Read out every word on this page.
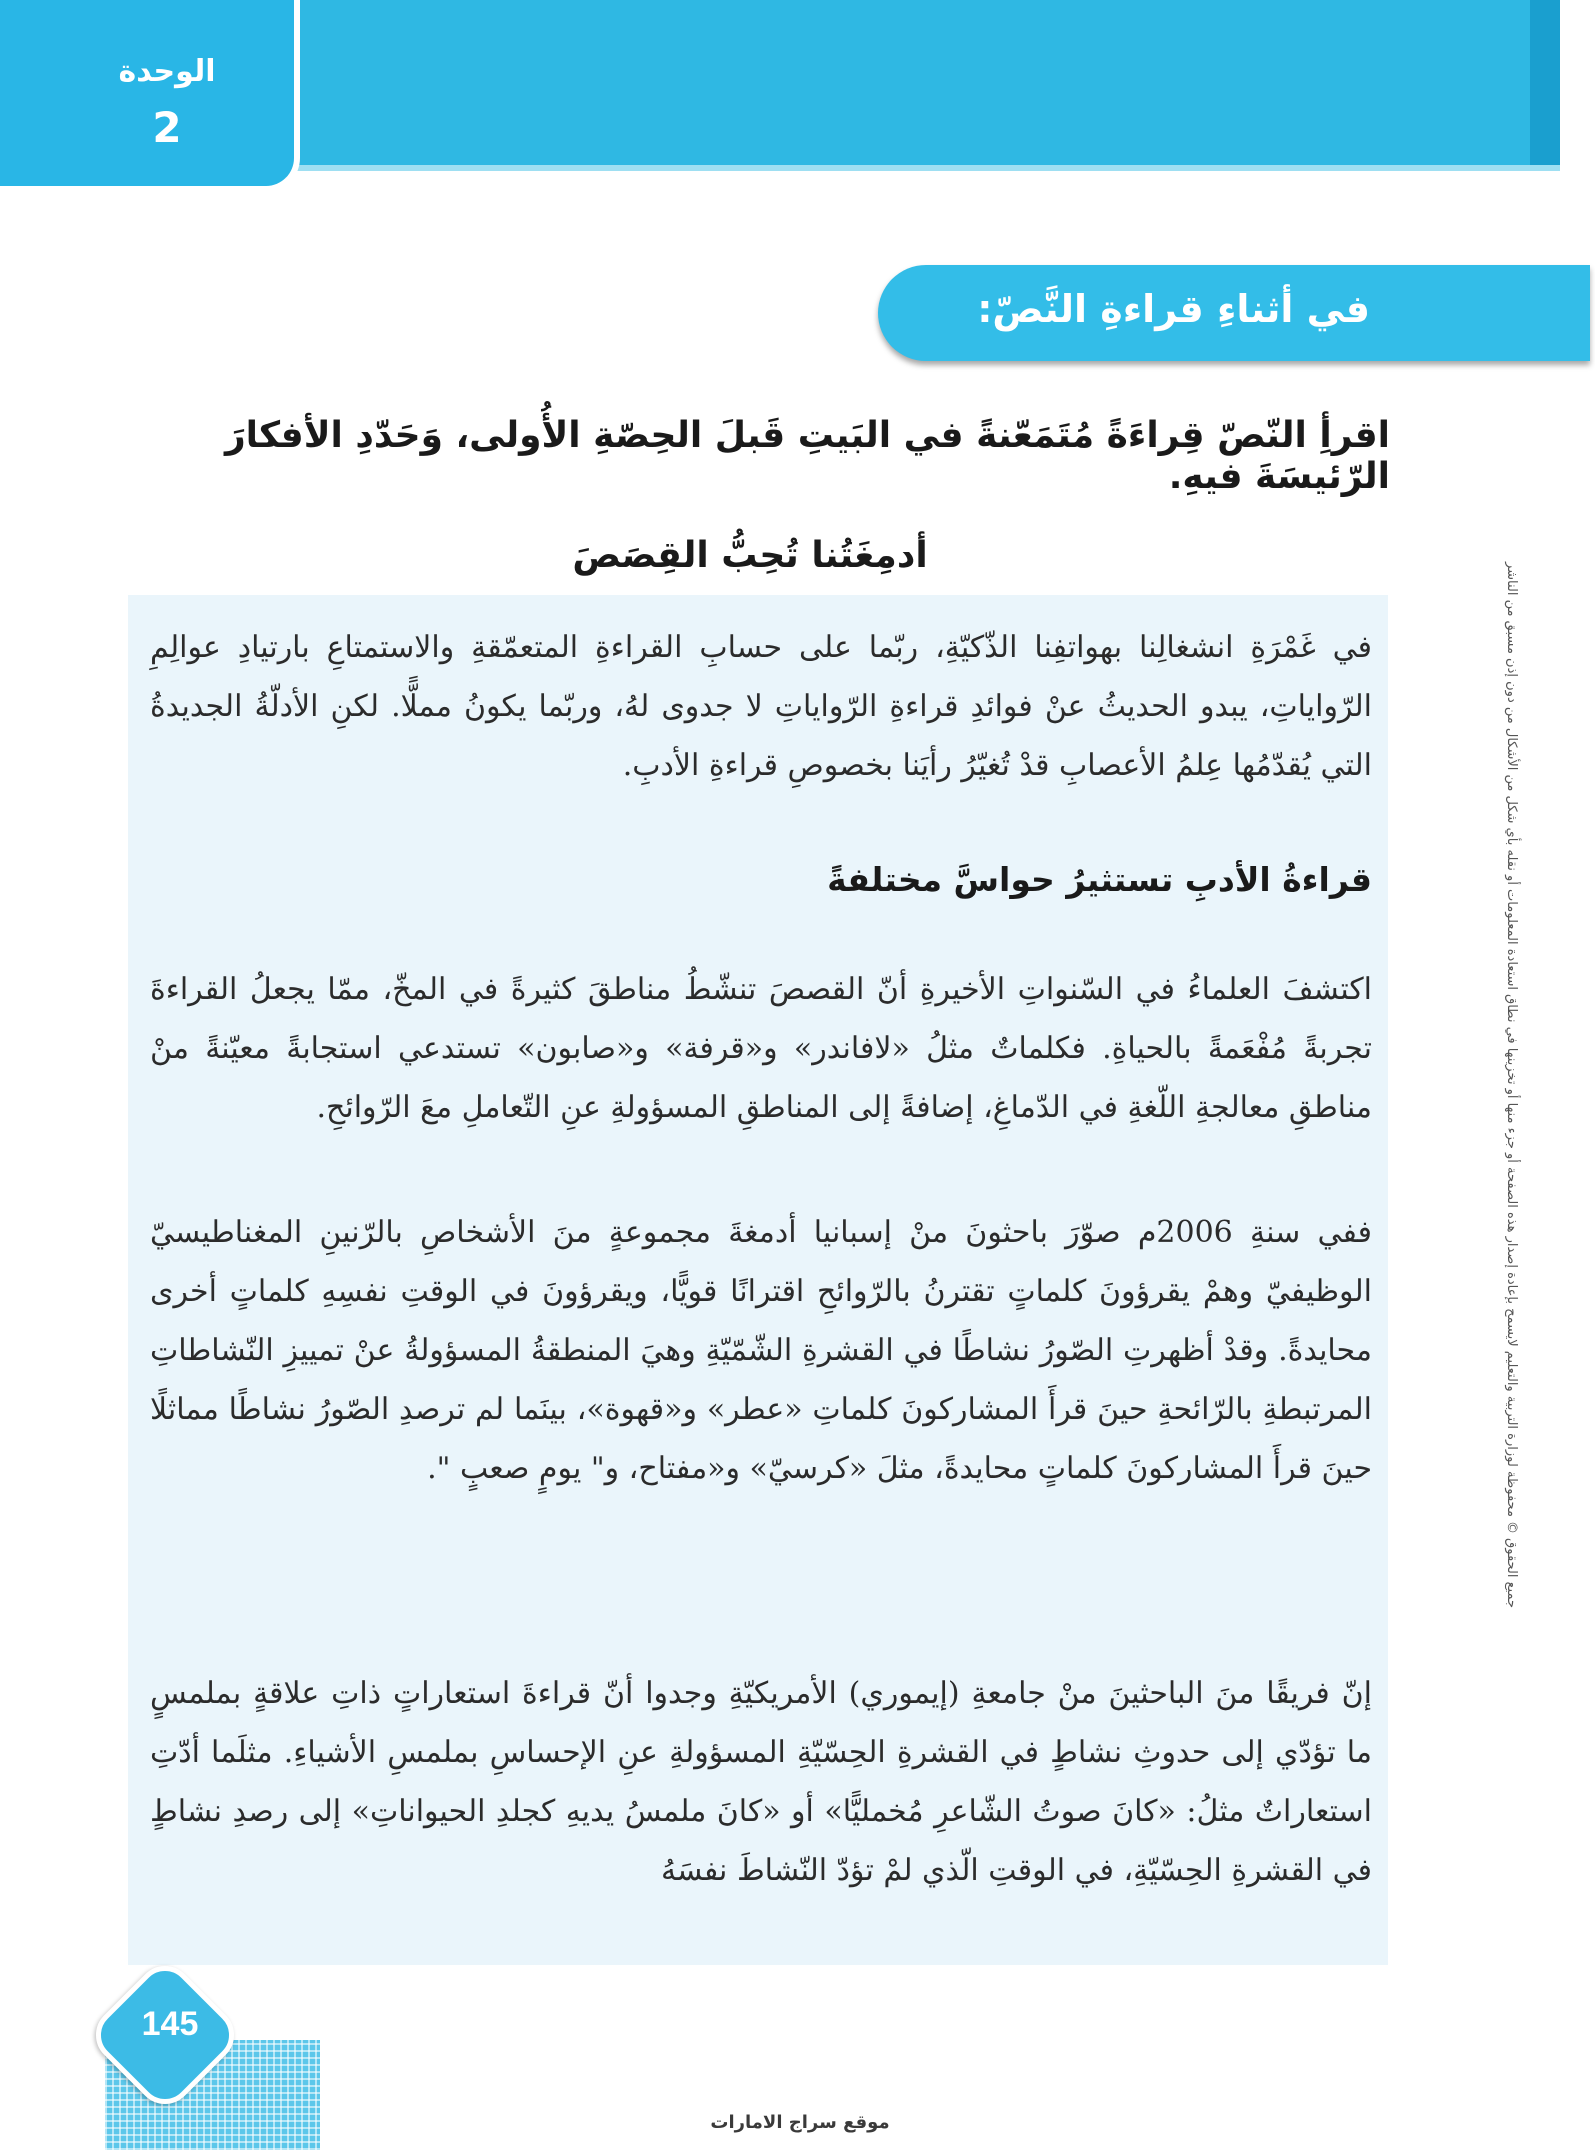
الوحدة
2
في أثناءِ قراءةِ النَّصّ:
اقرأِ النّصّ قِراءَةً مُتَمَعّنةً في البَيتِ قَبلَ الحِصّةِ الأُولى، وَحَدّدِ الأفكارَ الرّئيسَةَ فيهِ.
أدمِغَتُنا تُحِبُّ القِصَصَ

في غَمْرَةِ انشغالِنا بهواتفِنا الذّكيّةِ، ربّما على حسابِ القراءةِ المتعمّقةِ والاستمتاعِ بارتيادِ عوالِمِ الرّواياتِ، يبدو الحديثُ عنْ فوائدِ قراءةِ الرّواياتِ لا جدوى لهُ، وربّما يكونُ مملًّا. لكنِ الأدلّةُ الجديدةُ التي يُقدّمُها عِلمُ الأعصابِ قدْ تُغيّرُ رأيَنا بخصوصِ قراءةِ الأدبِ.

قراءةُ الأدبِ تستثيرُ حواسَّ مختلفةً

اكتشفَ العلماءُ في السّنواتِ الأخيرةِ أنّ القصصَ تنشّطُ مناطقَ كثيرةً في المخّ، ممّا يجعلُ القراءةَ تجربةً مُفْعَمةً بالحياةِ. فكلماتٌ مثلُ «لافاندر» و«قرفة» و«صابون» تستدعي استجابةً معيّنةً منْ مناطقِ معالجةِ اللّغةِ في الدّماغِ، إضافةً إلى المناطقِ المسؤولةِ عنِ التّعاملِ معَ الرّوائحِ.

ففي سنةِ 2006م صوّرَ باحثونَ منْ إسبانيا أدمغةَ مجموعةٍ منَ الأشخاصِ بالرّنينِ المغناطيسيّ الوظيفيّ وهمْ يقرؤونَ كلماتٍ تقترنُ بالرّوائحِ اقترانًا قويًّا، ويقرؤونَ في الوقتِ نفسِهِ كلماتٍ أخرى محايدةً. وقدْ أظهرتِ الصّورُ نشاطًا في القشرةِ الشّمّيّةِ وهيَ المنطقةُ المسؤولةُ عنْ تمييزِ النّشاطاتِ المرتبطةِ بالرّائحةِ حينَ قرأَ المشاركونَ كلماتِ «عطر» و«قهوة»، بينَما لم ترصدِ الصّورُ نشاطًا مماثلًا حينَ قرأَ المشاركونَ كلماتٍ محايدةً، مثلَ «كرسيّ» و«مفتاح، و" يومٍ صعبٍ ".

إنّ فريقًا منَ الباحثينَ منْ جامعةِ (إيموري) الأمريكيّةِ وجدوا أنّ قراءةَ استعاراتٍ ذاتِ علاقةٍ بملمسٍ ما تؤدّي إلى حدوثِ نشاطٍ في القشرةِ الحِسّيّةِ المسؤولةِ عنِ الإحساسِ بملمسِ الأشياءِ. مثلَما أدّتِ استعاراتٌ مثلُ: «كانَ صوتُ الشّاعرِ مُخمليًّا» أو «كانَ ملمسُ يديهِ كجلدِ الحيواناتِ» إلى رصدِ نشاطٍ في القشرةِ الحِسّيّةِ، في الوقتِ الّذي لمْ تؤدّ النّشاطَ نفسَهُ

جميع الحقوق © محفوظة لوزارة التربية والتعليم لايسمح بإعادة إصدار هذه الصفحة أو جزء منها أو تخزينها في نطاق استعادة المعلومات أو نقله بأي شكل من الأشكال من دون إذن مسبق من الناشر
145
موقع سراج الامارات
